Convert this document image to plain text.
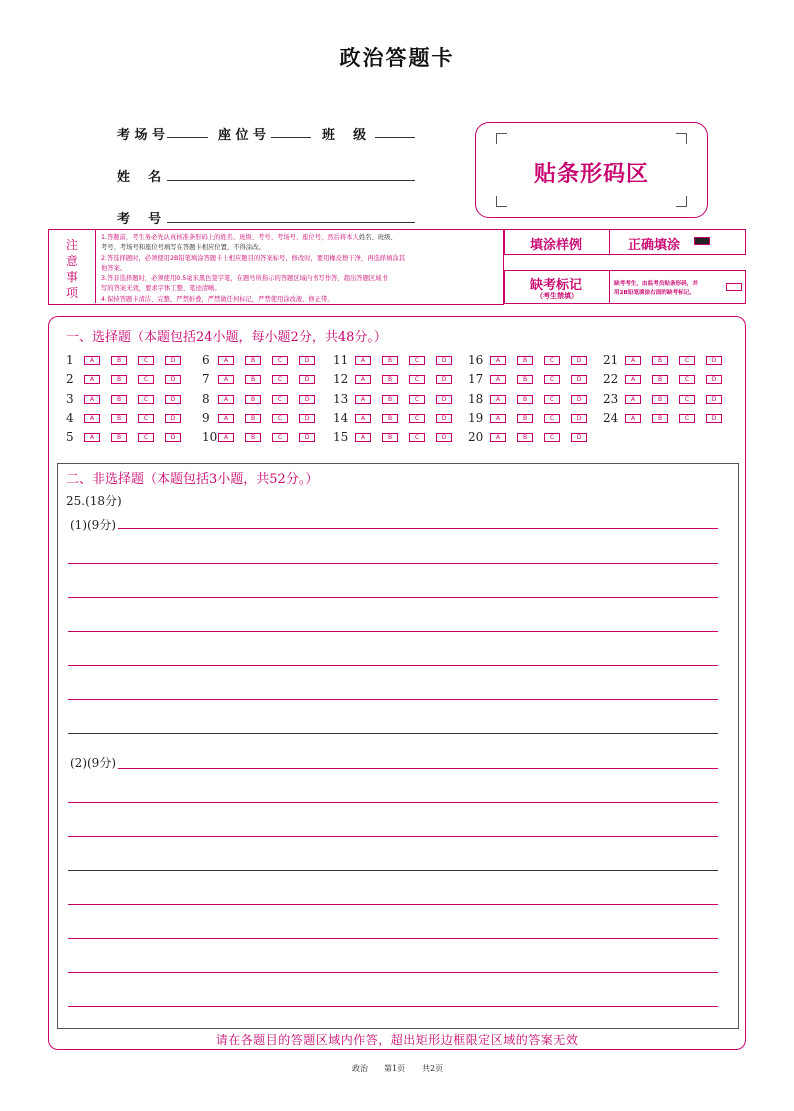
政治答题卡
考 场 号	座 位 号	班    级
姓    名
考    号
贴条形码区
注
意
事
项
1.答题前，考生务必先认真核准条形码上的姓名、班级、考号、考场号、座位号，然后将本人姓名、班级、
考号、考场号和座位号填写在答题卡相应位置，不得涂改。
2.答选择题时，必须使用2B铅笔填涂答题卡上相应题目的答案标号，修改时，要用橡皮擦干净，再选择填涂其
他答案。
3.答非选择题时，必须使用0.5毫米黑色签字笔，在题号所指示的答题区域内书写作答，超出答题区域书
写的答案无效，要求字体工整、笔迹清晰。
4.保持答题卡清洁、完整，严禁折叠，严禁做任何标记，严禁使用涂改液、修正带。
填涂样例	正确填涂
缺考标记
（考生禁填）
缺考考生，由监考员贴条形码，并
用2B铅笔填涂右面的缺考标记。
一、选择题（本题包括24小题，每小题2分，共48分。）
1	A	B	C	D
2	A	B	C	D
3	A	B	C	D
4	A	B	C	D
5	A	B	C	D
6	A	B	C	D
7	A	B	C	D
8	A	B	C	D
9	A	B	C	D
10	A	B	C	D
11	A	B	C	D
12	A	B	C	D
13	A	B	C	D
14	A	B	C	D
15	A	B	C	D
16	A	B	C	D
17	A	B	C	D
18	A	B	C	D
19	A	B	C	D
20	A	B	C	D
21	A	B	C	D
22	A	B	C	D
23	A	B	C	D
24	A	B	C	D
二、非选择题（本题包括3小题，共52分。）
25.(18分)
(1)(9分)
(2)(9分)
请在各题目的答题区域内作答，超出矩形边框限定区域的答案无效
政治 第1页 共2页
